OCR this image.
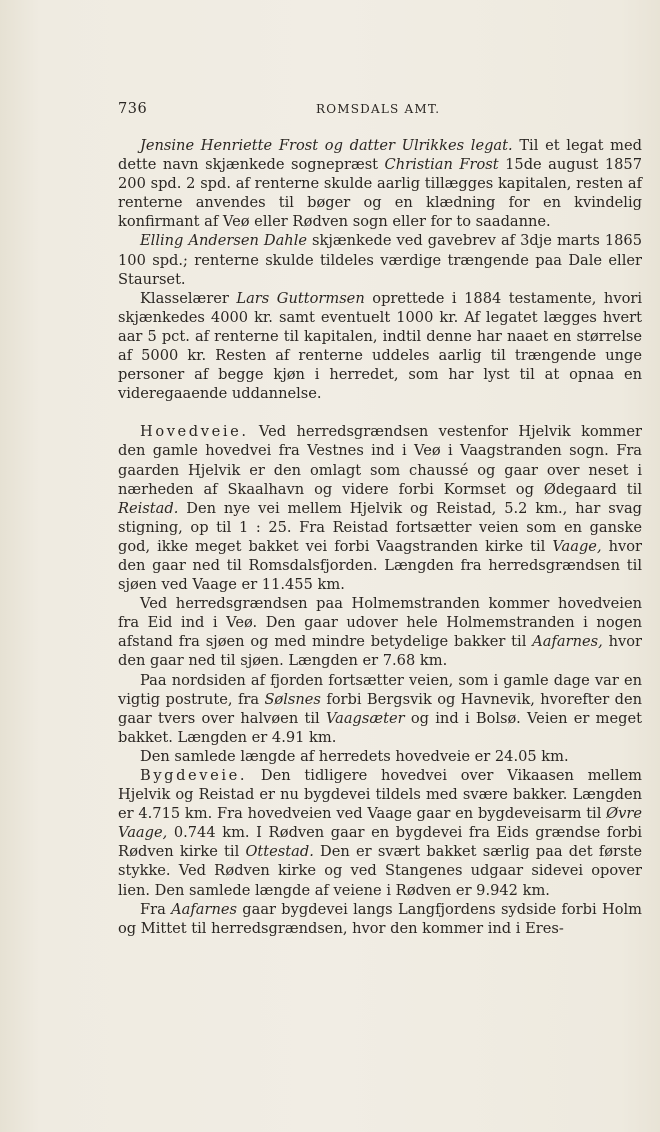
736	ROMSDALS AMT.

Jensine Henriette Frost og datter Ulrikkes legat. Til et legat med dette navn skjænkede sognepræst Christian Frost 15de august 1857 200 spd. 2 spd. af renterne skulde aarlig tillægges kapitalen, resten af renterne anvendes til bøger og en klædning for en kvindelig konfirmant af Veø eller Rødven sogn eller for to saadanne.

Elling Andersen Dahle skjænkede ved gavebrev af 3dje marts 1865 100 spd.; renterne skulde tildeles værdige trængende paa Dale eller Staurset.

Klasselærer Lars Guttormsen oprettede i 1884 testamente, hvori skjænkedes 4000 kr. samt eventuelt 1000 kr. Af legatet lægges hvert aar 5 pct. af renterne til kapitalen, indtil denne har naaet en størrelse af 5000 kr. Resten af renterne uddeles aarlig til trængende unge personer af begge kjøn i herredet, som har lyst til at opnaa en videregaaende uddannelse.

Hovedveie. Ved herredsgrændsen vestenfor Hjelvik kommer den gamle hovedvei fra Vestnes ind i Veø i Vaagstranden sogn. Fra gaarden Hjelvik er den omlagt som chaussé og gaar over neset i nærheden af Skaalhavn og videre forbi Kormset og Ødegaard til Reistad. Den nye vei mellem Hjelvik og Reistad, 5.2 km., har svag stigning, op til 1 : 25. Fra Reistad fortsætter veien som en ganske god, ikke meget bakket vei forbi Vaagstranden kirke til Vaage, hvor den gaar ned til Romsdalsfjorden. Længden fra herredsgrændsen til sjøen ved Vaage er 11.455 km.

Ved herredsgrændsen paa Holmemstranden kommer hovedveien fra Eid ind i Veø. Den gaar udover hele Holmemstranden i nogen afstand fra sjøen og med mindre betydelige bakker til Aafarnes, hvor den gaar ned til sjøen. Længden er 7.68 km.

Paa nordsiden af fjorden fortsætter veien, som i gamle dage var en vigtig postrute, fra Sølsnes forbi Bergsvik og Havnevik, hvorefter den gaar tvers over halvøen til Vaagsæter og ind i Bolsø. Veien er meget bakket. Længden er 4.91 km.

Den samlede længde af herredets hovedveie er 24.05 km.

Bygdeveie. Den tidligere hovedvei over Vikaasen mellem Hjelvik og Reistad er nu bygdevei tildels med svære bakker. Længden er 4.715 km. Fra hovedveien ved Vaage gaar en bygdeveisarm til Øvre Vaage, 0.744 km. I Rødven gaar en bygdevei fra Eids grændse forbi Rødven kirke til Ottestad. Den er svært bakket særlig paa det første stykke. Ved Rødven kirke og ved Stangenes udgaar sidevei opover lien. Den samlede længde af veiene i Rødven er 9.942 km.

Fra Aafarnes gaar bygdevei langs Langfjordens sydside forbi Holm og Mittet til herredsgrændsen, hvor den kommer ind i Eres-
